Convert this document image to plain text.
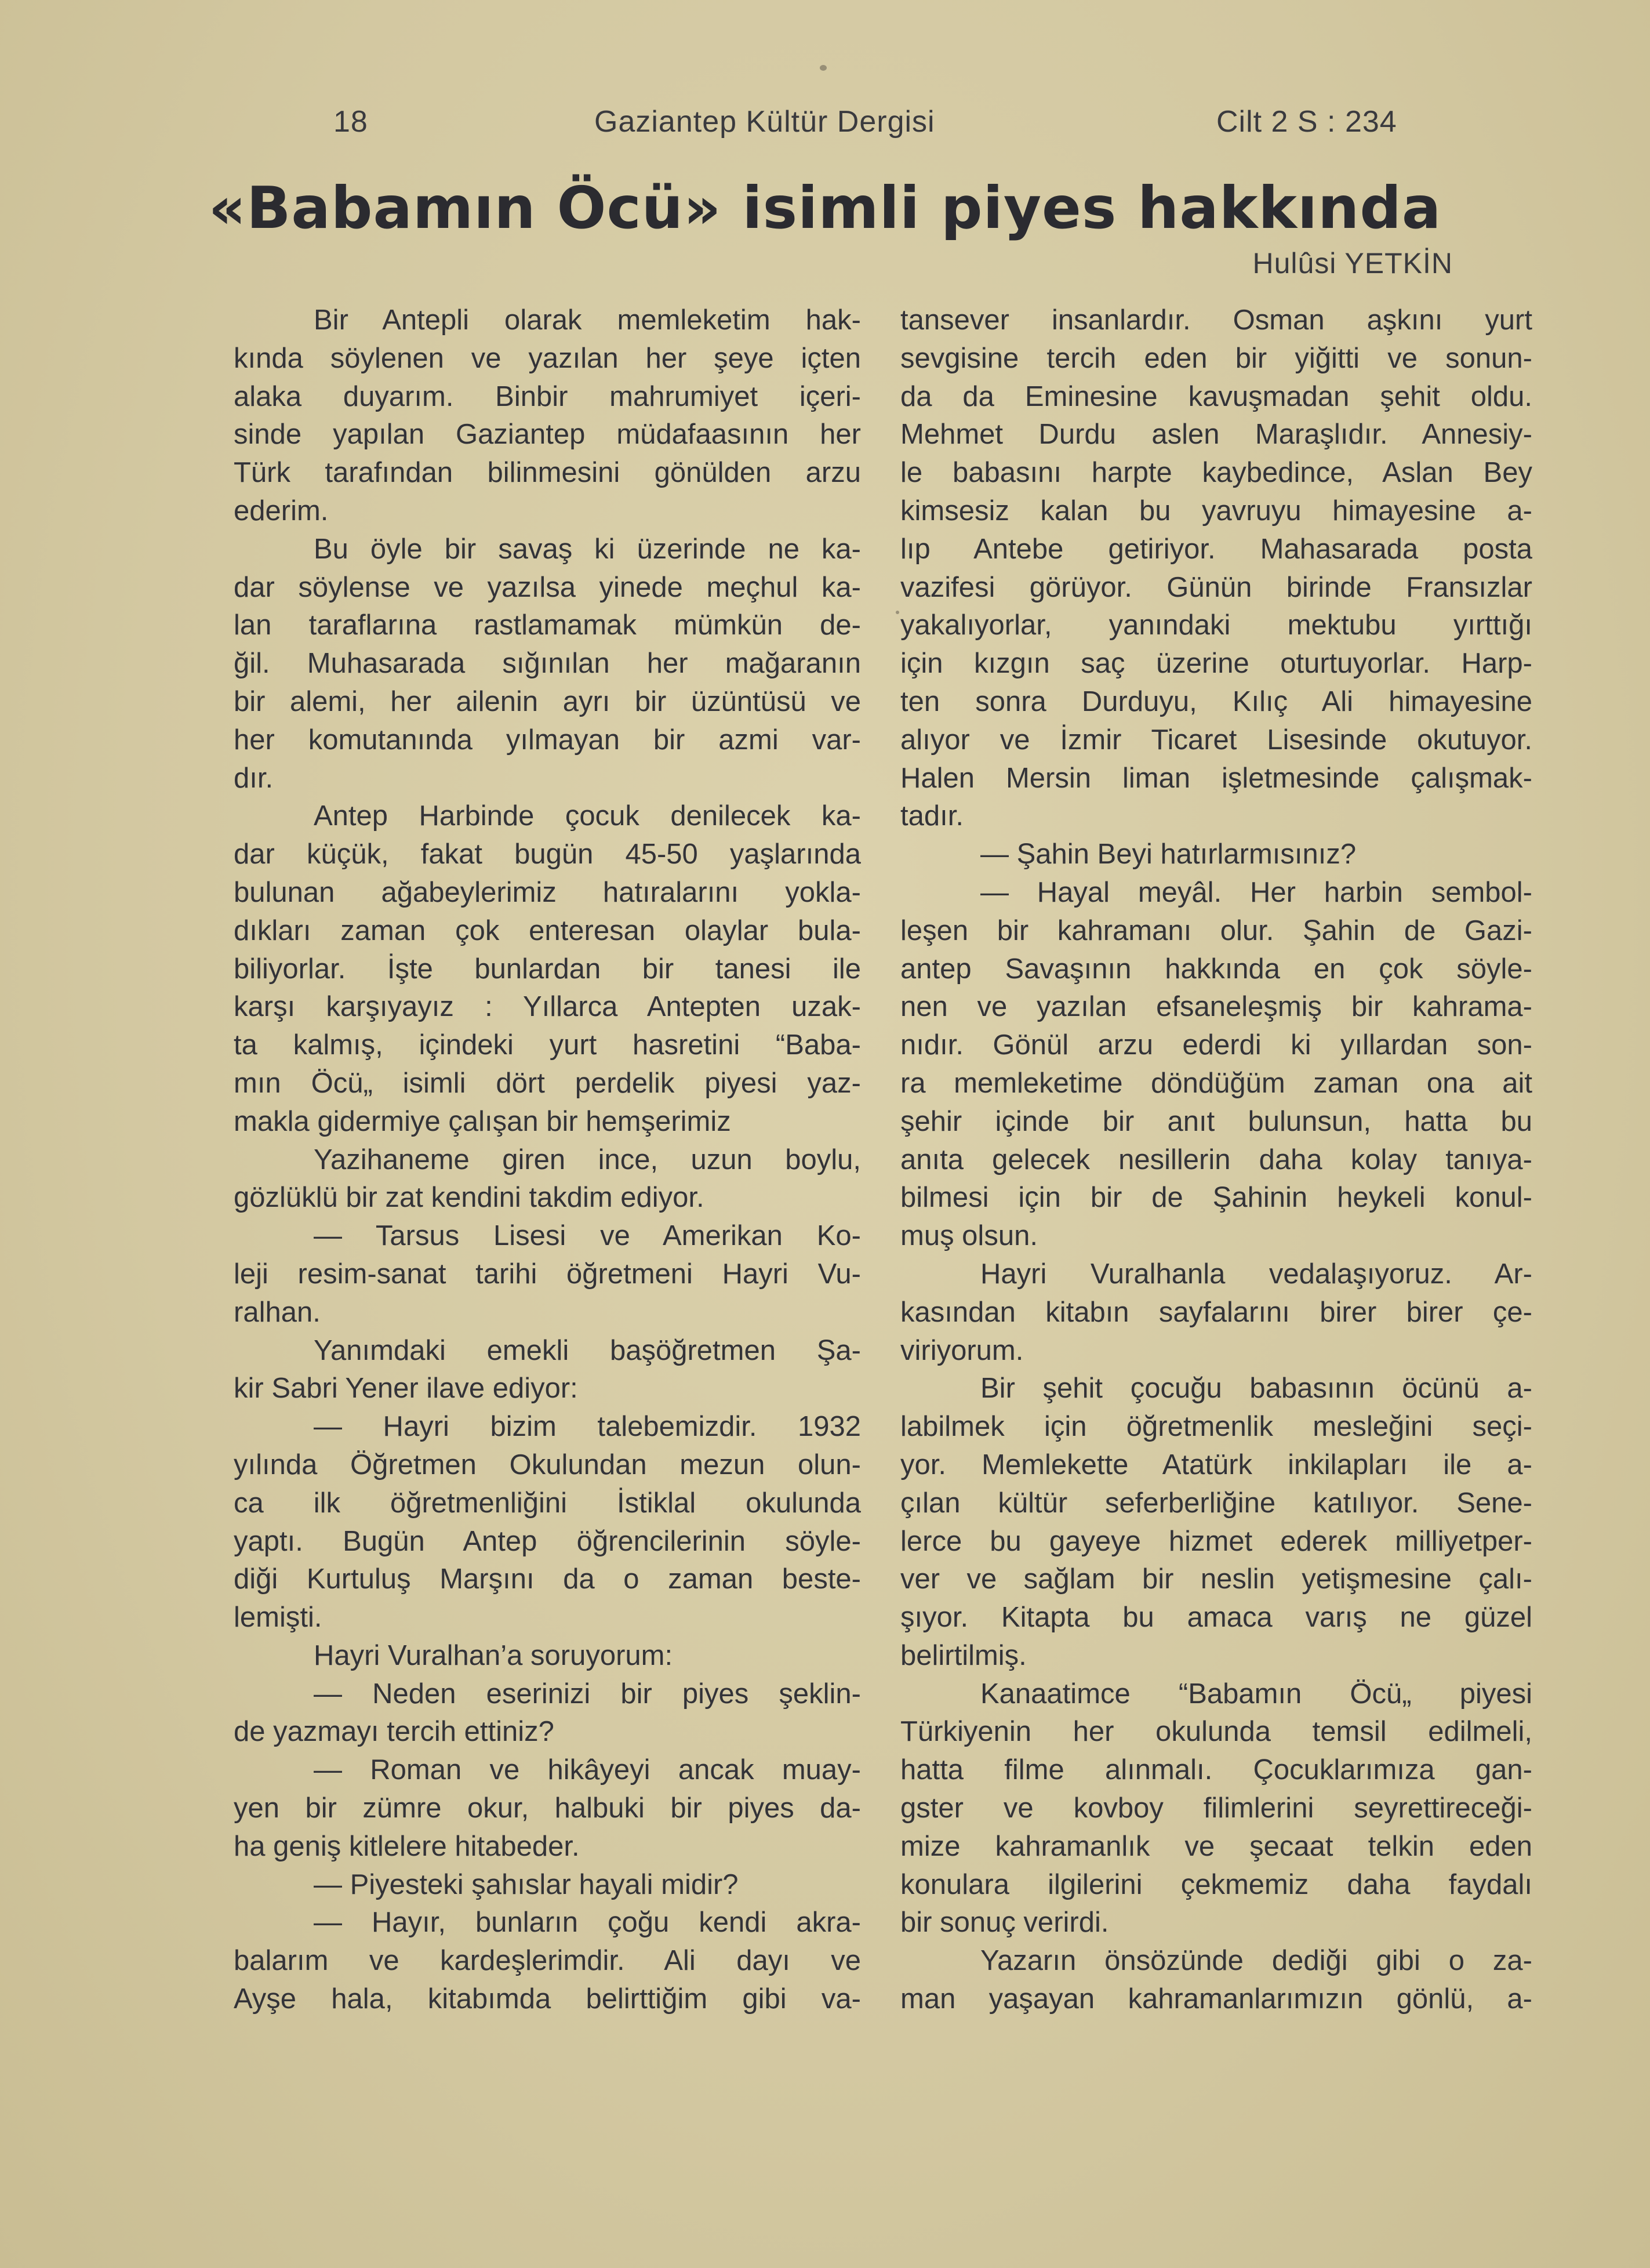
18	Gaziantep Kültür Dergisi	Cilt 2 S : 234
«Babamın Öcü» isimli piyes hakkında
Hulûsi YETKİN
Bir Antepli olarak memleketim hak-
kında söylenen ve yazılan her şeye içten
alaka duyarım. Binbir mahrumiyet içeri-
sinde yapılan Gaziantep müdafaasının her
Türk tarafından bilinmesini gönülden arzu
ederim.
Bu öyle bir savaş ki üzerinde ne ka-
dar söylense ve yazılsa yinede meçhul ka-
lan taraflarına rastlamamak mümkün de-
ğil. Muhasarada sığınılan her mağaranın
bir alemi, her ailenin ayrı bir üzüntüsü ve
her komutanında yılmayan bir azmi var-
dır.
Antep Harbinde çocuk denilecek ka-
dar küçük, fakat bugün 45-50 yaşlarında
bulunan ağabeylerimiz hatıralarını yokla-
dıkları zaman çok enteresan olaylar bula-
biliyorlar. İşte bunlardan bir tanesi ile
karşı karşıyayız : Yıllarca Antepten uzak-
ta kalmış, içindeki yurt hasretini “Baba-
mın Öcü„ isimli dört perdelik piyesi yaz-
makla gidermiye çalışan bir hemşerimiz
Yazihaneme giren ince, uzun boylu,
gözlüklü bir zat kendini takdim ediyor.
— Tarsus Lisesi ve Amerikan Ko-
leji resim-sanat tarihi öğretmeni Hayri Vu-
ralhan.
Yanımdaki emekli başöğretmen Şa-
kir Sabri Yener ilave ediyor:
— Hayri bizim talebemizdir. 1932
yılında Öğretmen Okulundan mezun olun-
ca ilk öğretmenliğini İstiklal okulunda
yaptı. Bugün Antep öğrencilerinin söyle-
diği Kurtuluş Marşını da o zaman beste-
lemişti.
Hayri Vuralhan’a soruyorum:
— Neden eserinizi bir piyes şeklin-
de yazmayı tercih ettiniz?
— Roman ve hikâyeyi ancak muay-
yen bir zümre okur, halbuki bir piyes da-
ha geniş kitlelere hitabeder.
— Piyesteki şahıslar hayali midir?
— Hayır, bunların çoğu kendi akra-
balarım ve kardeşlerimdir. Ali dayı ve
Ayşe hala, kitabımda belirttiğim gibi va-
tansever insanlardır. Osman aşkını yurt
sevgisine tercih eden bir yiğitti ve sonun-
da da Eminesine kavuşmadan şehit oldu.
Mehmet Durdu aslen Maraşlıdır. Annesiy-
le babasını harpte kaybedince, Aslan Bey
kimsesiz kalan bu yavruyu himayesine a-
lıp Antebe getiriyor. Mahasarada posta
vazifesi görüyor. Günün birinde Fransızlar
yakalıyorlar, yanındaki mektubu yırttığı
için kızgın saç üzerine oturtuyorlar. Harp-
ten sonra Durduyu, Kılıç Ali himayesine
alıyor ve İzmir Ticaret Lisesinde okutuyor.
Halen Mersin liman işletmesinde çalışmak-
tadır.
— Şahin Beyi hatırlarmısınız?
— Hayal meyâl. Her harbin sembol-
leşen bir kahramanı olur. Şahin de Gazi-
antep Savaşının hakkında en çok söyle-
nen ve yazılan efsaneleşmiş bir kahrama-
nıdır. Gönül arzu ederdi ki yıllardan son-
ra memleketime döndüğüm zaman ona ait
şehir içinde bir anıt bulunsun, hatta bu
anıta gelecek nesillerin daha kolay tanıya-
bilmesi için bir de Şahinin heykeli konul-
muş olsun.
Hayri Vuralhanla vedalaşıyoruz. Ar-
kasından kitabın sayfalarını birer birer çe-
viriyorum.
Bir şehit çocuğu babasının öcünü a-
labilmek için öğretmenlik mesleğini seçi-
yor. Memlekette Atatürk inkilapları ile a-
çılan kültür seferberliğine katılıyor. Sene-
lerce bu gayeye hizmet ederek milliyetper-
ver ve sağlam bir neslin yetişmesine çalı-
şıyor. Kitapta bu amaca varış ne güzel
belirtilmiş.
Kanaatimce “Babamın Öcü„ piyesi
Türkiyenin her okulunda temsil edilmeli,
hatta filme alınmalı. Çocuklarımıza gan-
gster ve kovboy filimlerini seyrettireceği-
mize kahramanlık ve şecaat telkin eden
konulara ilgilerini çekmemiz daha faydalı
bir sonuç verirdi.
Yazarın önsözünde dediği gibi o za-
man yaşayan kahramanlarımızın gönlü, a-
